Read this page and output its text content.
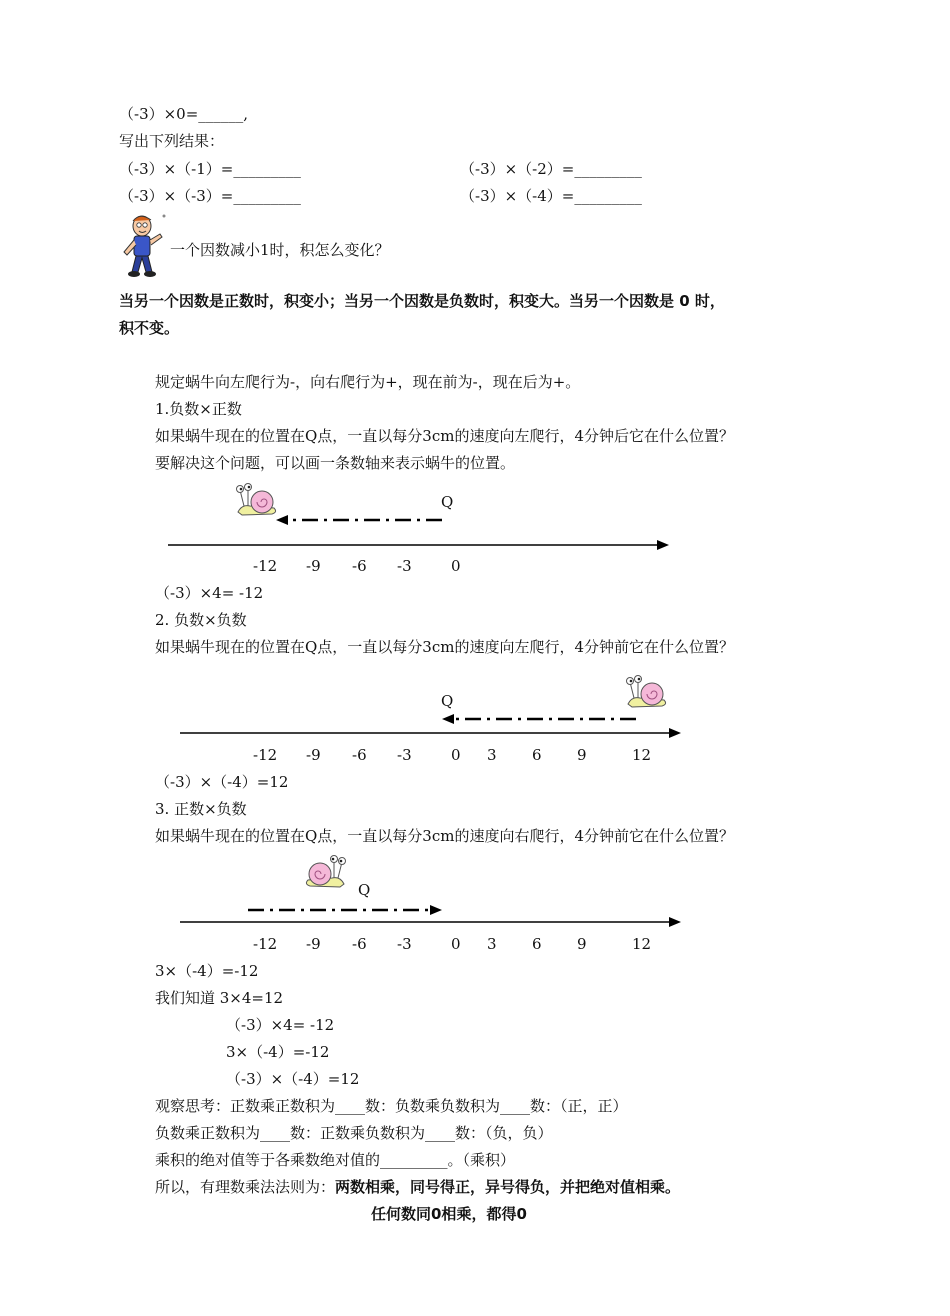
（-3）×0=______,
写出下列结果：
（-3）×（-1）=_________	（-3）×（-2）=_________
（-3）×（-3）=_________	（-3）×（-4）=_________
一个因数减小1时，积怎么变化？
当另一个因数是正数时，积变小；当另一个因数是负数时，积变大。当另一个因数是 0 时，
积不变。
规定蜗牛向左爬行为-，向右爬行为+，现在前为-，现在后为+。
1.负数×正数
如果蜗牛现在的位置在Q点，一直以每分3cm的速度向左爬行，4分钟后它在什么位置？
要解决这个问题，可以画一条数轴来表示蜗牛的位置。
Q
-12 -9 -6 -3	0
（-3）×4= -12
2. 负数×负数
如果蜗牛现在的位置在Q点，一直以每分3cm的速度向左爬行，4分钟前它在什么位置？
Q
-12 -9 -6 -3	0 3 6 9	12
（-3）×（-4）=12
3. 正数×负数
如果蜗牛现在的位置在Q点，一直以每分3cm的速度向右爬行，4分钟前它在什么位置？
Q
-12 -9 -6 -3	0 3 6 9	12
3×（-4）=-12
我们知道 3×4=12
（-3）×4= -12
3×（-4）=-12
（-3）×（-4）=12
观察思考：正数乘正数积为____数：负数乘负数积为____数：（正，正）
负数乘正数积为____数：正数乘负数积为____数：（负，负）
乘积的绝对值等于各乘数绝对值的_________。（乘积）
所以，有理数乘法法则为：两数相乘，同号得正，异号得负，并把绝对值相乘。
任何数同0相乘，都得0
